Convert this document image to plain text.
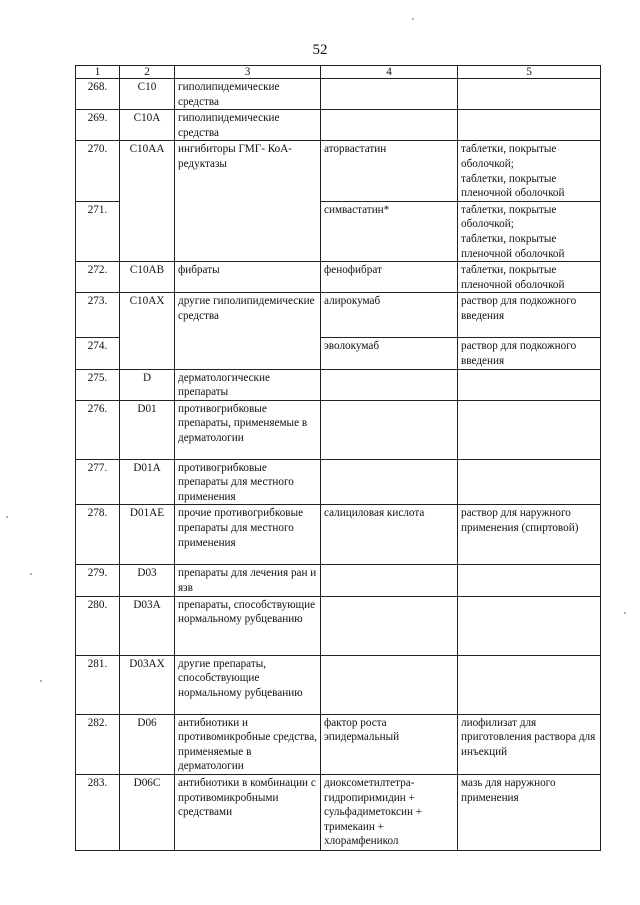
52
1	2	3	4	5
268.	C10	гиполипидемические средства		
269.	C10A	гиполипидемические средства		
270.	C10AA	ингибиторы ГМГ- КоА-редуктазы	аторвастатин	таблетки, покрытые оболочкой;
таблетки, покрытые пленочной оболочкой
271.			симвастатин*	таблетки, покрытые оболочкой;
таблетки, покрытые пленочной оболочкой
272.	C10AB	фибраты	фенофибрат	таблетки, покрытые пленочной оболочкой
273.	C10AX	другие гиполипидемические средства	алирокумаб	раствор для подкожного введения
274.			эволокумаб	раствор для подкожного введения
275.	D	дерматологические препараты		
276.	D01	противогрибковые препараты, применяемые в дерматологии		
277.	D01A	противогрибковые препараты для местного применения		
278.	D01AE	прочие противогрибковые препараты для местного применения	салициловая кислота	раствор для наружного применения (спиртовой)
279.	D03	препараты для лечения ран и язв		
280.	D03A	препараты, способствующие нормальному рубцеванию		
281.	D03AX	другие препараты, способствующие нормальному рубцеванию		
282.	D06	антибиотики и противомикробные средства, применяемые в дерматологии	фактор роста эпидермальный	лиофилизат для приготовления раствора для инъекций
283.	D06C	антибиотики в комбинации с противомикробными средствами	диоксометилтетра-гидропиримидин + сульфадиметоксин + тримекаин + хлорамфеникол	мазь для наружного применения
